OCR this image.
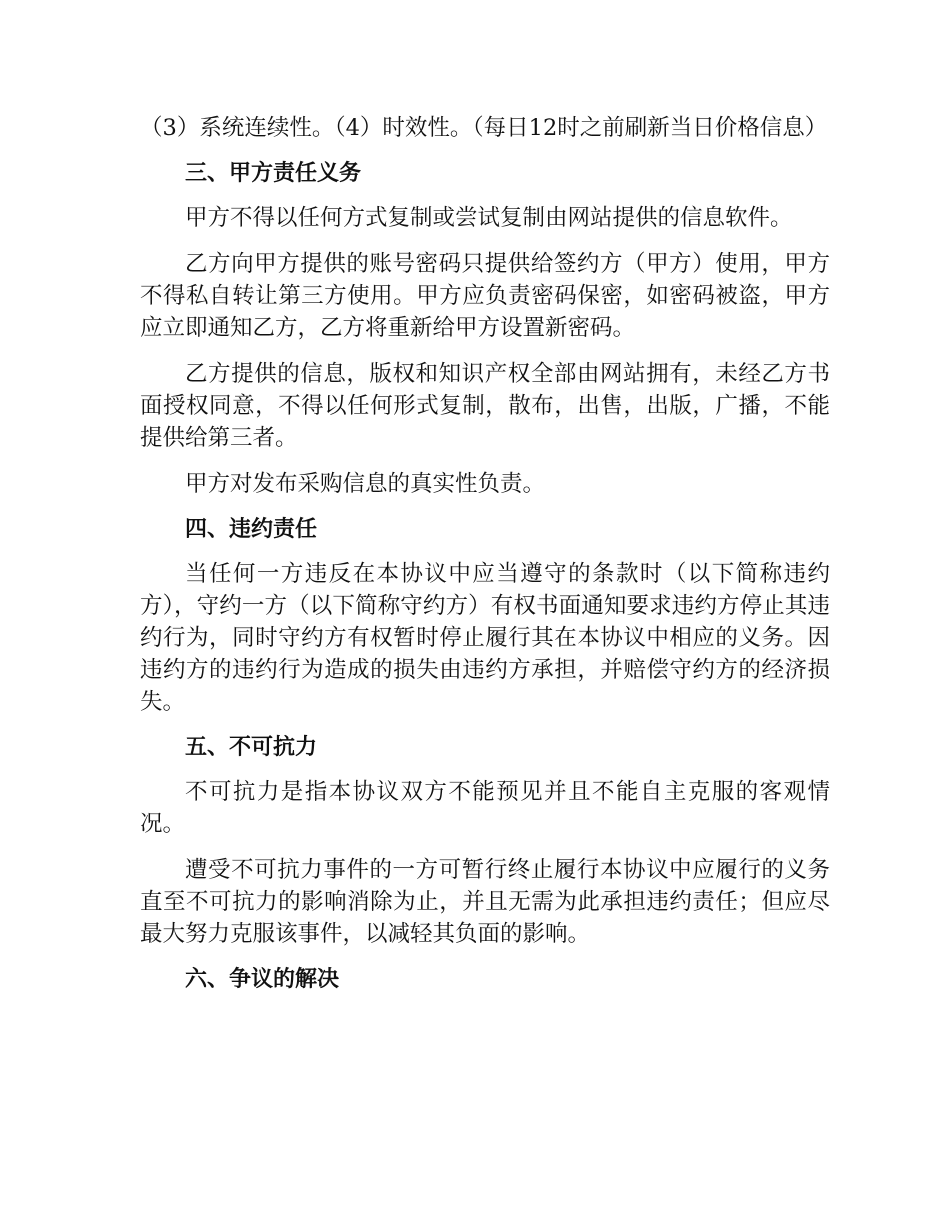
（3）系统连续性。（4）时效性。（每日12时之前刷新当日价格信息）

三、甲方责任义务

甲方不得以任何方式复制或尝试复制由网站提供的信息软件。

乙方向甲方提供的账号密码只提供给签约方（甲方）使用，甲方不得私自转让第三方使用。甲方应负责密码保密，如密码被盗，甲方应立即通知乙方，乙方将重新给甲方设置新密码。

乙方提供的信息，版权和知识产权全部由网站拥有，未经乙方书面授权同意，不得以任何形式复制，散布，出售，出版，广播，不能提供给第三者。

甲方对发布采购信息的真实性负责。

四、违约责任

当任何一方违反在本协议中应当遵守的条款时（以下简称违约方），守约一方（以下简称守约方）有权书面通知要求违约方停止其违约行为，同时守约方有权暂时停止履行其在本协议中相应的义务。因违约方的违约行为造成的损失由违约方承担，并赔偿守约方的经济损失。

五、不可抗力

不可抗力是指本协议双方不能预见并且不能自主克服的客观情况。

遭受不可抗力事件的一方可暂行终止履行本协议中应履行的义务直至不可抗力的影响消除为止，并且无需为此承担违约责任；但应尽最大努力克服该事件，以减轻其负面的影响。

六、争议的解决
